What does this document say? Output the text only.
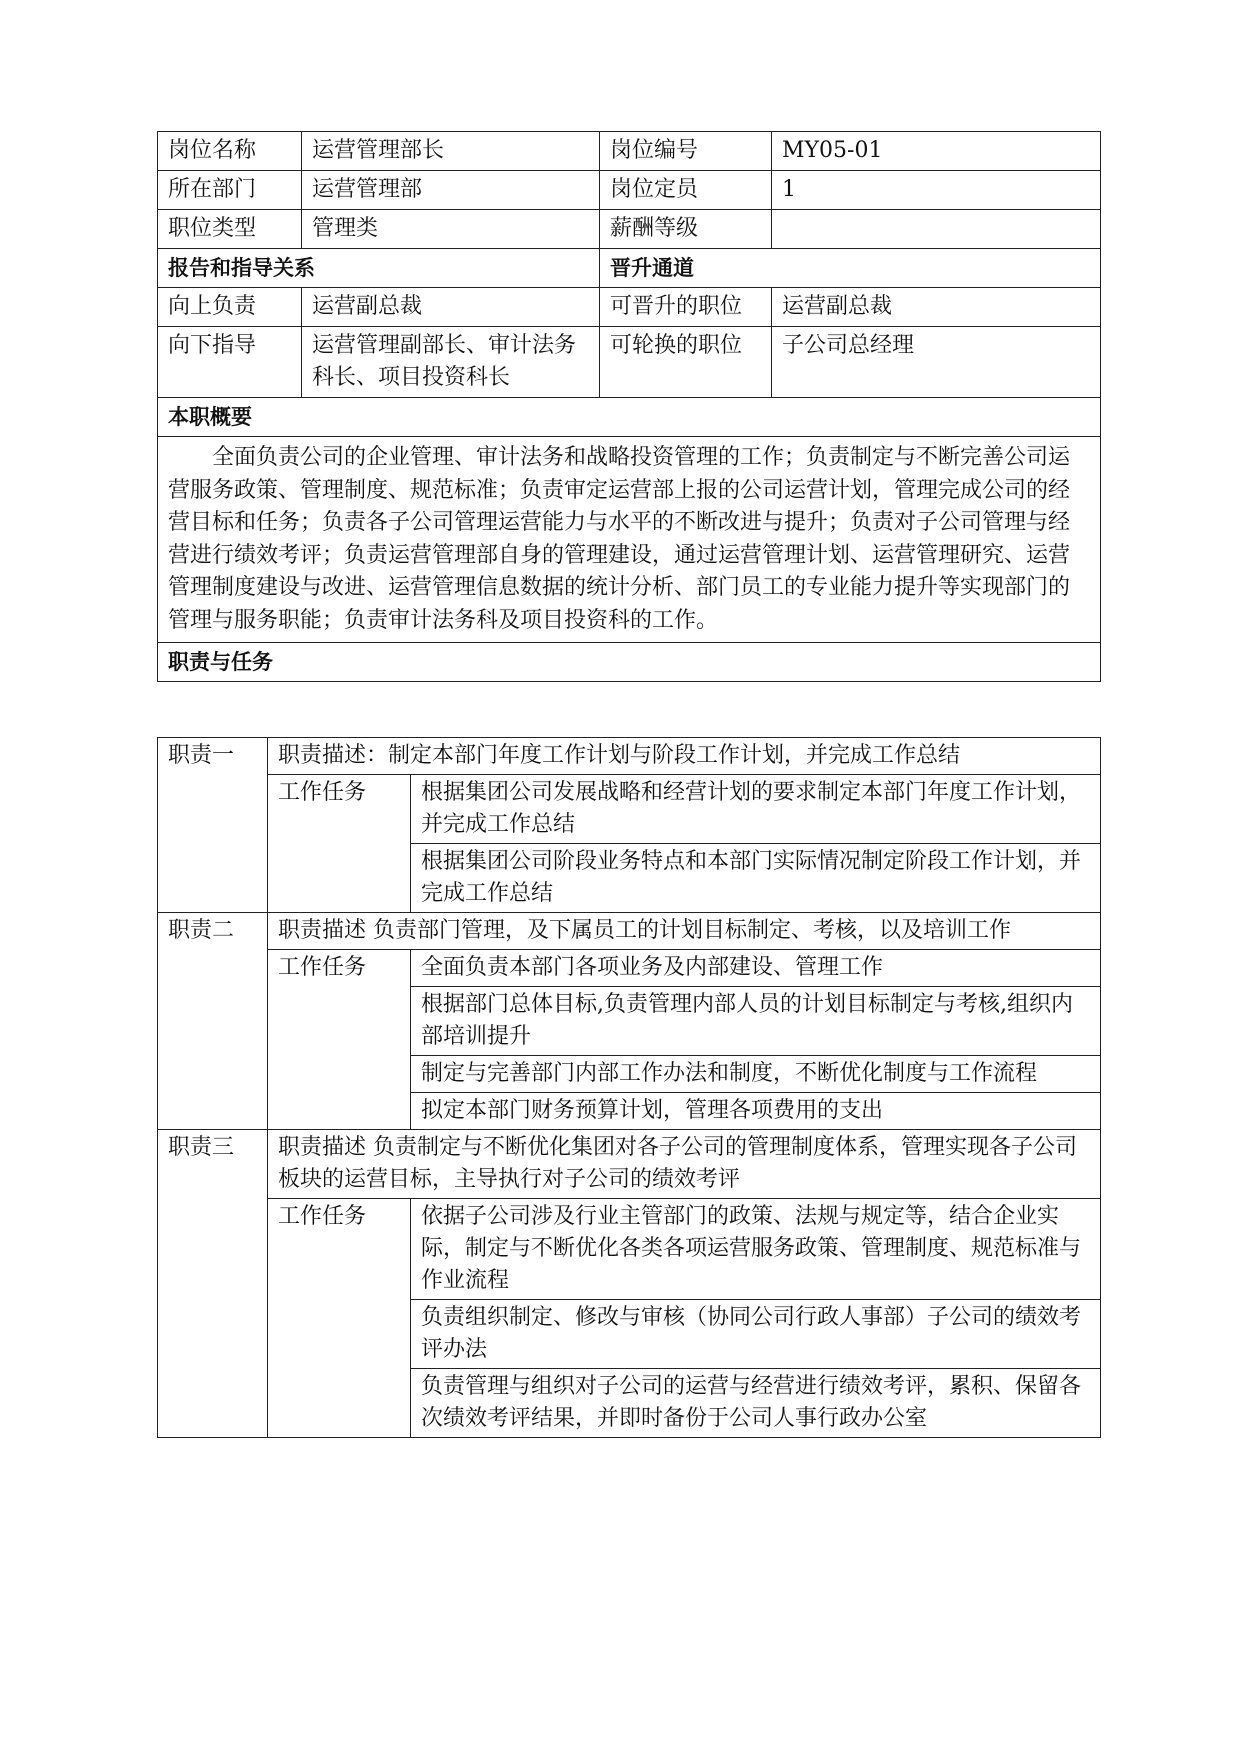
岗位名称	运营管理部长	岗位编号	MY05-01
所在部门	运营管理部	岗位定员	1
职位类型	管理类	薪酬等级	
报告和指导关系		晋升通道	
向上负责	运营副总裁	可晋升的职位	运营副总裁
向下指导	运营管理副部长、审计法务科长、项目投资科长	可轮换的职位	子公司总经理
本职概要			
全面负责公司的企业管理、审计法务和战略投资管理的工作；负责制定与不断完善公司运营服务政策、管理制度、规范标准；负责审定运营部上报的公司运营计划，管理完成公司的经营目标和任务；负责各子公司管理运营能力与水平的不断改进与提升；负责对子公司管理与经营进行绩效考评；负责运营管理部自身的管理建设，通过运营管理计划、运营管理研究、运营管理制度建设与改进、运营管理信息数据的统计分析、部门员工的专业能力提升等实现部门的管理与服务职能；负责审计法务科及项目投资科的工作。			
职责与任务			
职责一	职责描述：制定本部门年度工作计划与阶段工作计划，并完成工作总结	
	工作任务	根据集团公司发展战略和经营计划的要求制定本部门年度工作计划，并完成工作总结
		根据集团公司阶段业务特点和本部门实际情况制定阶段工作计划，并完成工作总结
职责二	职责描述 负责部门管理，及下属员工的计划目标制定、考核，以及培训工作	
	工作任务	全面负责本部门各项业务及内部建设、管理工作
		根据部门总体目标,负责管理内部人员的计划目标制定与考核,组织内部培训提升
		制定与完善部门内部工作办法和制度，不断优化制度与工作流程
		拟定本部门财务预算计划，管理各项费用的支出
职责三	职责描述 负责制定与不断优化集团对各子公司的管理制度体系，管理实现各子公司板块的运营目标，主导执行对子公司的绩效考评	
	工作任务	依据子公司涉及行业主管部门的政策、法规与规定等，结合企业实际，制定与不断优化各类各项运营服务政策、管理制度、规范标准与作业流程
		负责组织制定、修改与审核（协同公司行政人事部）子公司的绩效考评办法
		负责管理与组织对子公司的运营与经营进行绩效考评，累积、保留各次绩效考评结果，并即时备份于公司人事行政办公室
